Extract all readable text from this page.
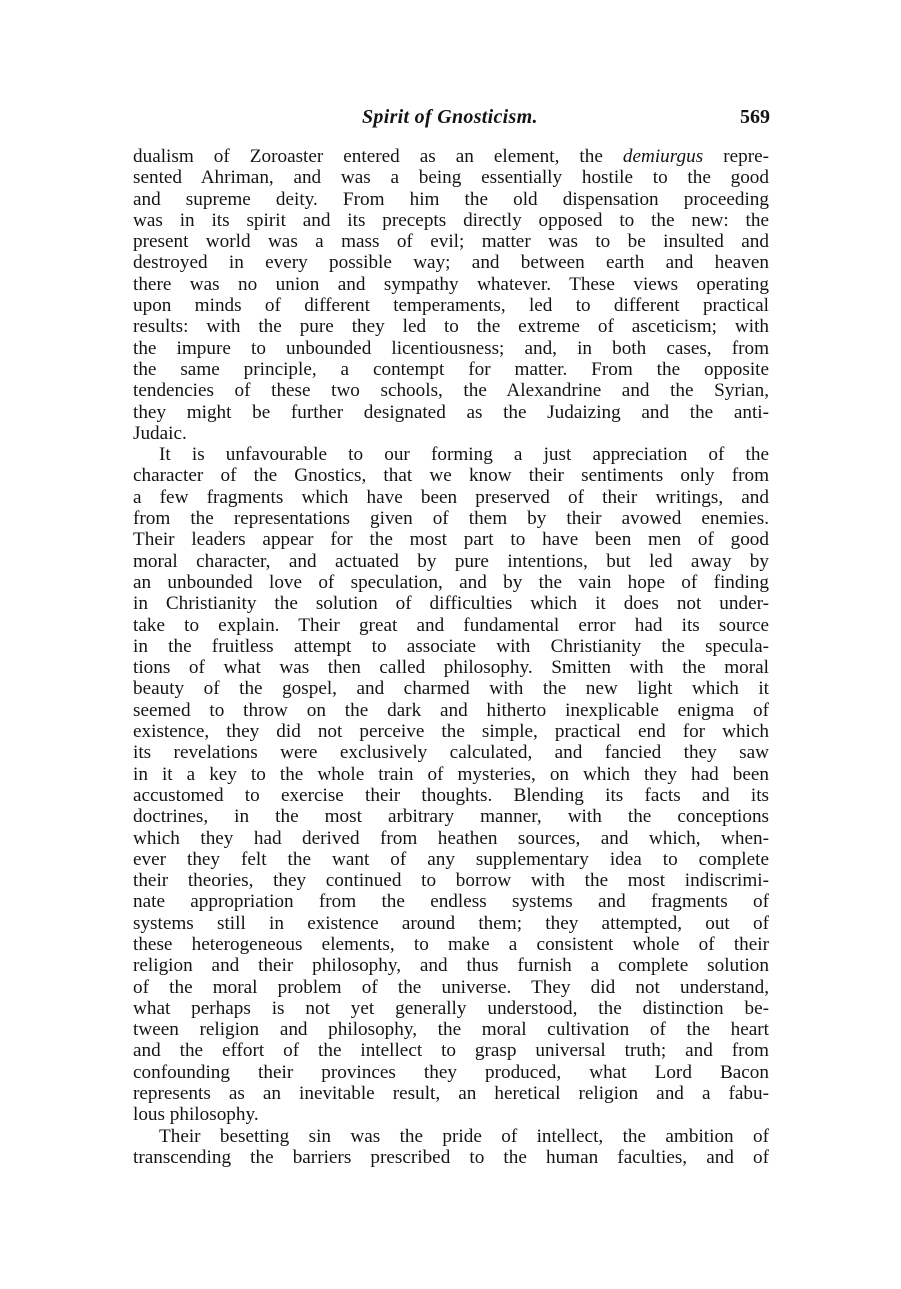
Spirit of Gnosticism.	569
dualism of Zoroaster entered as an element, the demiurgus repre-
sented Ahriman, and was a being essentially hostile to the good
and supreme deity. From him the old dispensation proceeding
was in its spirit and its precepts directly opposed to the new: the
present world was a mass of evil; matter was to be insulted and
destroyed in every possible way; and between earth and heaven
there was no union and sympathy whatever. These views operating
upon minds of different temperaments, led to different practical
results: with the pure they led to the extreme of asceticism; with
the impure to unbounded licentiousness; and, in both cases, from
the same principle, a contempt for matter. From the opposite
tendencies of these two schools, the Alexandrine and the Syrian,
they might be further designated as the Judaizing and the anti-
Judaic.
It is unfavourable to our forming a just appreciation of the
character of the Gnostics, that we know their sentiments only from
a few fragments which have been preserved of their writings, and
from the representations given of them by their avowed enemies.
Their leaders appear for the most part to have been men of good
moral character, and actuated by pure intentions, but led away by
an unbounded love of speculation, and by the vain hope of finding
in Christianity the solution of difficulties which it does not under-
take to explain. Their great and fundamental error had its source
in the fruitless attempt to associate with Christianity the specula-
tions of what was then called philosophy. Smitten with the moral
beauty of the gospel, and charmed with the new light which it
seemed to throw on the dark and hitherto inexplicable enigma of
existence, they did not perceive the simple, practical end for which
its revelations were exclusively calculated, and fancied they saw
in it a key to the whole train of mysteries, on which they had been
accustomed to exercise their thoughts. Blending its facts and its
doctrines, in the most arbitrary manner, with the conceptions
which they had derived from heathen sources, and which, when-
ever they felt the want of any supplementary idea to complete
their theories, they continued to borrow with the most indiscrimi-
nate appropriation from the endless systems and fragments of
systems still in existence around them; they attempted, out of
these heterogeneous elements, to make a consistent whole of their
religion and their philosophy, and thus furnish a complete solution
of the moral problem of the universe. They did not understand,
what perhaps is not yet generally understood, the distinction be-
tween religion and philosophy, the moral cultivation of the heart
and the effort of the intellect to grasp universal truth; and from
confounding their provinces they produced, what Lord Bacon
represents as an inevitable result, an heretical religion and a fabu-
lous philosophy.
Their besetting sin was the pride of intellect, the ambition of
transcending the barriers prescribed to the human faculties, and of
